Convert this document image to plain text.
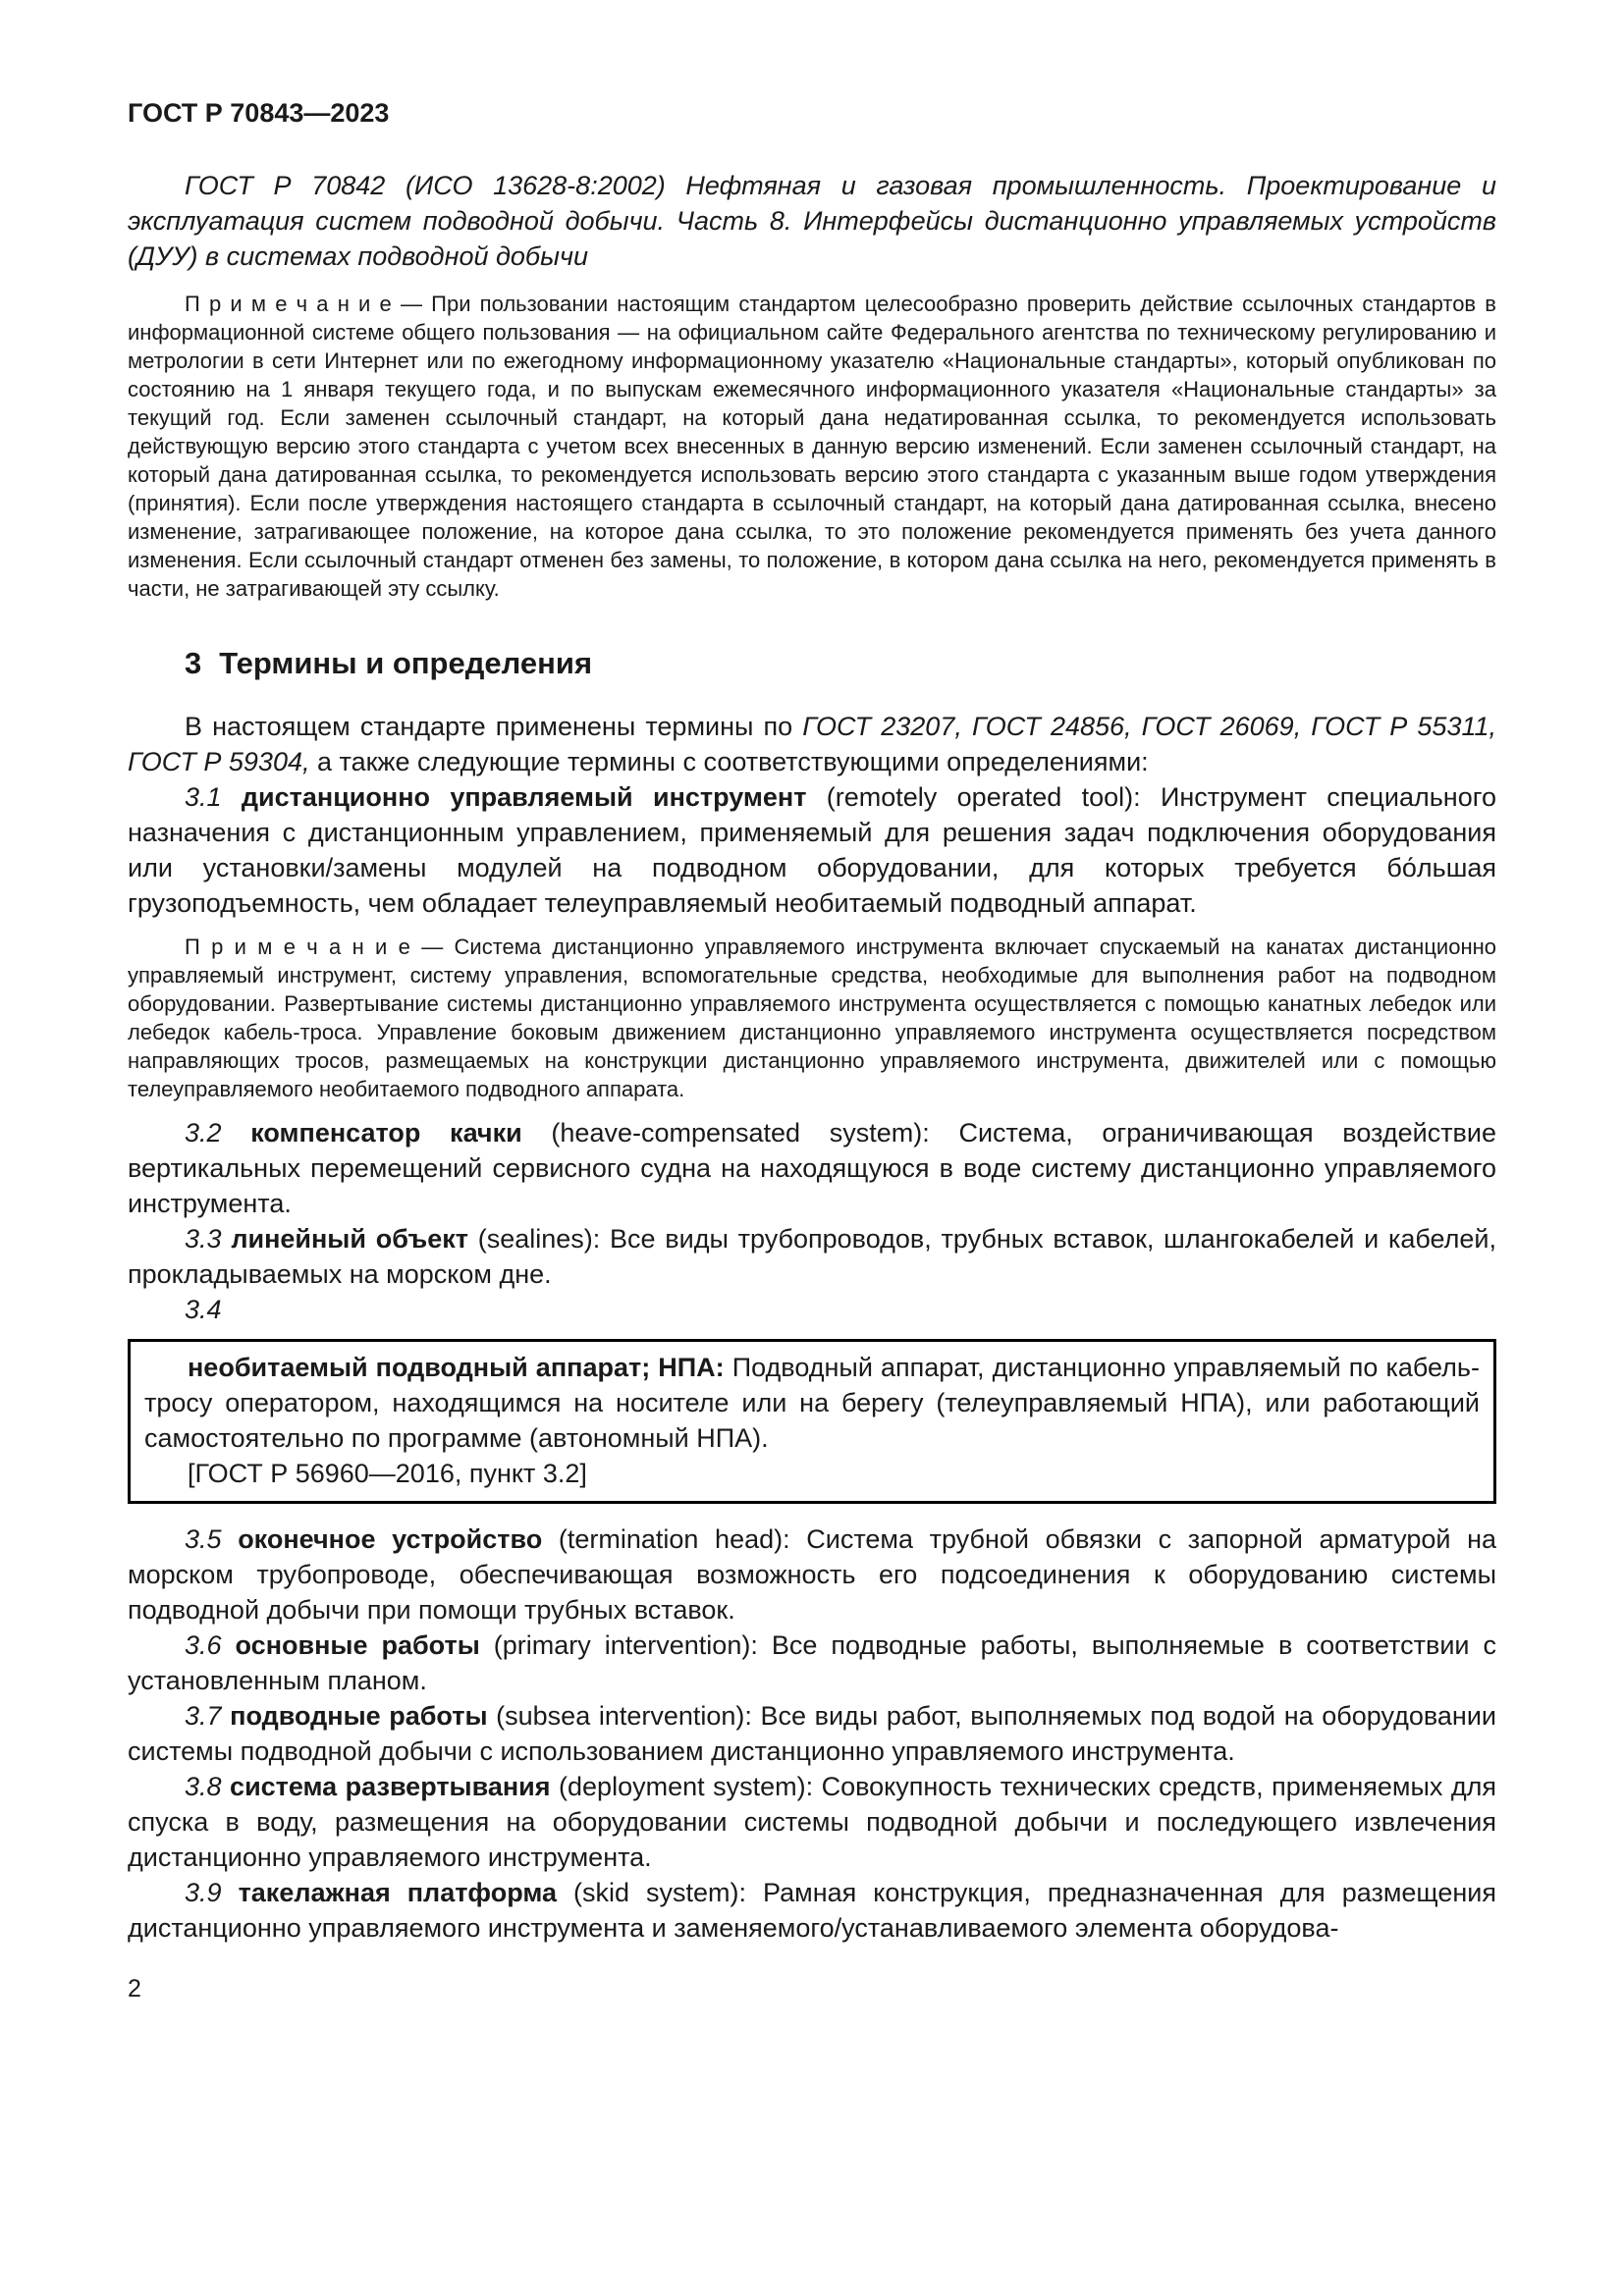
ГОСТ Р 70843—2023

ГОСТ Р 70842 (ИСО 13628-8:2002) Нефтяная и газовая промышленность. Проектирование и эксплуатация систем подводной добычи. Часть 8. Интерфейсы дистанционно управляемых устройств (ДУУ) в системах подводной добычи

П р и м е ч а н и е — При пользовании настоящим стандартом целесообразно проверить действие ссылочных стандартов в информационной системе общего пользования — на официальном сайте Федерального агентства по техническому регулированию и метрологии в сети Интернет или по ежегодному информационному указателю «Национальные стандарты», который опубликован по состоянию на 1 января текущего года, и по выпускам ежемесячного информационного указателя «Национальные стандарты» за текущий год. Если заменен ссылочный стандарт, на который дана недатированная ссылка, то рекомендуется использовать действующую версию этого стандарта с учетом всех внесенных в данную версию изменений. Если заменен ссылочный стандарт, на который дана датированная ссылка, то рекомендуется использовать версию этого стандарта с указанным выше годом утверждения (принятия). Если после утверждения настоящего стандарта в ссылочный стандарт, на который дана датированная ссылка, внесено изменение, затрагивающее положение, на которое дана ссылка, то это положение рекомендуется применять без учета данного изменения. Если ссылочный стандарт отменен без замены, то положение, в котором дана ссылка на него, рекомендуется применять в части, не затрагивающей эту ссылку.

3 Термины и определения

В настоящем стандарте применены термины по ГОСТ 23207, ГОСТ 24856, ГОСТ 26069, ГОСТ Р 55311, ГОСТ Р 59304, а также следующие термины с соответствующими определениями:

3.1 дистанционно управляемый инструмент (remotely operated tool): Инструмент специального назначения с дистанционным управлением, применяемый для решения задач подключения оборудования или установки/замены модулей на подводном оборудовании, для которых требуется бо́льшая грузоподъемность, чем обладает телеуправляемый необитаемый подводный аппарат.

П р и м е ч а н и е — Система дистанционно управляемого инструмента включает спускаемый на канатах дистанционно управляемый инструмент, систему управления, вспомогательные средства, необходимые для выполнения работ на подводном оборудовании. Развертывание системы дистанционно управляемого инструмента осуществляется с помощью канатных лебедок или лебедок кабель-троса. Управление боковым движением дистанционно управляемого инструмента осуществляется посредством направляющих тросов, размещаемых на конструкции дистанционно управляемого инструмента, движителей или с помощью телеуправляемого необитаемого подводного аппарата.

3.2 компенсатор качки (heave-compensated system): Система, ограничивающая воздействие вертикальных перемещений сервисного судна на находящуюся в воде систему дистанционно управляемого инструмента.

3.3 линейный объект (sealines): Все виды трубопроводов, трубных вставок, шлангокабелей и кабелей, прокладываемых на морском дне.

3.4

необитаемый подводный аппарат; НПА: Подводный аппарат, дистанционно управляемый по кабель-тросу оператором, находящимся на носителе или на берегу (телеуправляемый НПА), или работающий самостоятельно по программе (автономный НПА).

[ГОСТ Р 56960—2016, пункт 3.2]

3.5 оконечное устройство (termination head): Система трубной обвязки с запорной арматурой на морском трубопроводе, обеспечивающая возможность его подсоединения к оборудованию системы подводной добычи при помощи трубных вставок.

3.6 основные работы (primary intervention): Все подводные работы, выполняемые в соответствии с установленным планом.

3.7 подводные работы (subsea intervention): Все виды работ, выполняемых под водой на оборудовании системы подводной добычи с использованием дистанционно управляемого инструмента.

3.8 система развертывания (deployment system): Совокупность технических средств, применяемых для спуска в воду, размещения на оборудовании системы подводной добычи и последующего извлечения дистанционно управляемого инструмента.

3.9 такелажная платформа (skid system): Рамная конструкция, предназначенная для размещения дистанционно управляемого инструмента и заменяемого/устанавливаемого элемента оборудова-

2
